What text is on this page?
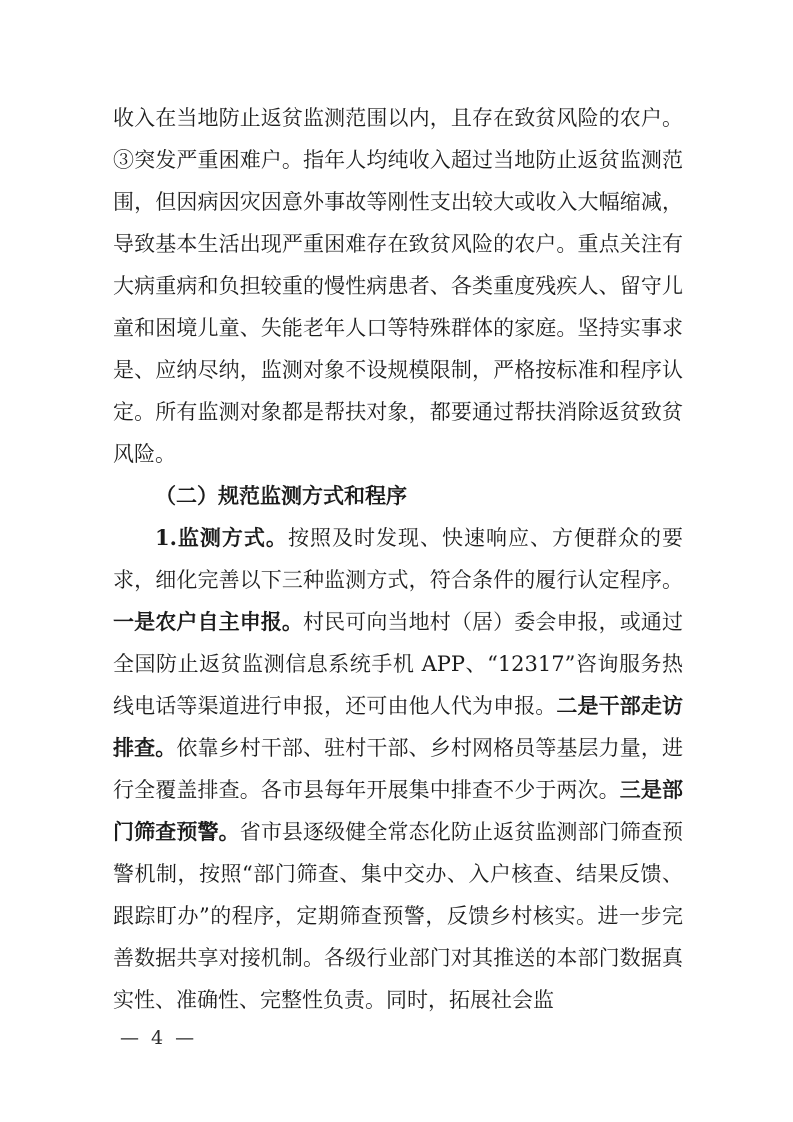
收入在当地防止返贫监测范围以内，且存在致贫风险的农户。③突发严重困难户。指年人均纯收入超过当地防止返贫监测范围，但因病因灾因意外事故等刚性支出较大或收入大幅缩减，导致基本生活出现严重困难存在致贫风险的农户。重点关注有大病重病和负担较重的慢性病患者、各类重度残疾人、留守儿童和困境儿童、失能老年人口等特殊群体的家庭。坚持实事求是、应纳尽纳，监测对象不设规模限制，严格按标准和程序认定。所有监测对象都是帮扶对象，都要通过帮扶消除返贫致贫风险。

（二）规范监测方式和程序

1.监测方式。按照及时发现、快速响应、方便群众的要求，细化完善以下三种监测方式，符合条件的履行认定程序。一是农户自主申报。村民可向当地村（居）委会申报，或通过全国防止返贫监测信息系统手机 APP、“12317”咨询服务热线电话等渠道进行申报，还可由他人代为申报。二是干部走访排查。依靠乡村干部、驻村干部、乡村网格员等基层力量，进行全覆盖排查。各市县每年开展集中排查不少于两次。三是部门筛查预警。省市县逐级健全常态化防止返贫监测部门筛查预警机制，按照“部门筛查、集中交办、入户核查、结果反馈、跟踪盯办”的程序，定期筛查预警，反馈乡村核实。进一步完善数据共享对接机制。各级行业部门对其推送的本部门数据真实性、准确性、完整性负责。同时，拓展社会监

— 4 —
